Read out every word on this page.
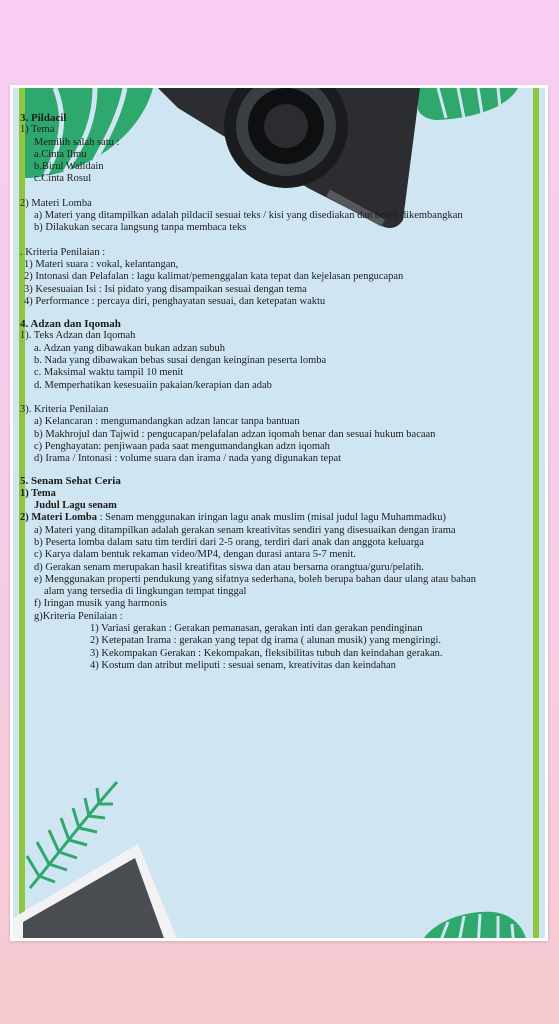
3. Pildacil
1) Tema
Memilih salah satu :
a.Cinta Ilmu
b.Birul Walidain
c.Cinta Rosul
2) Materi Lomba
a) Materi yang ditampilkan adalah pildacil sesuai teks / kisi yang disediakan dan boleh dikembangkan
b) Dilakukan secara langsung tanpa membaca teks
. Kriteria Penilaian :
1) Materi suara : vokal, kelantangan,
2) Intonasi dan Pelafalan : lagu kalimat/pemenggalan kata tepat dan kejelasan pengucapan
3) Kesesuaian Isi : Isi pidato yang disampaikan sesuai dengan tema
4) Performance : percaya diri, penghayatan sesuai, dan ketepatan waktu
4. Adzan dan Iqomah
1). Teks Adzan dan Iqomah
a. Adzan yang dibawakan bukan adzan subuh
b. Nada yang dibawakan bebas susai dengan keinginan peserta lomba
c. Maksimal waktu tampil 10 menit
d. Memperhatikan kesesuaiin pakaian/kerapian dan adab
3). Kriteria Penilaian
a) Kelancaran : mengumandangkan adzan lancar tanpa bantuan
b) Makhrojul dan Tajwid : pengucapan/pelafalan adzan iqomah benar dan sesuai hukum bacaan
c) Penghayatan: penjiwaan pada saat mengumandangkan adzn iqomah
d) Irama / Intonasi : volume suara dan irama / nada yang digunakan tepat
5. Senam Sehat Ceria
1) Tema
Judul Lagu senam
2) Materi Lomba : Senam menggunakan iringan lagu anak muslim (misal judul lagu Muhammadku)
a) Materi yang ditampilkan adalah gerakan senam kreativitas sendiri yang disesuaikan dengan irama
b) Peserta lomba dalam satu tim terdiri dari 2-5 orang, terdiri dari anak dan anggota keluarga
c) Karya dalam bentuk rekaman video/MP4, dengan durasi antara 5-7 menit.
d) Gerakan senam merupakan hasil kreatifitas siswa dan atau bersama orangtua/guru/pelatih.
e) Menggunakan properti pendukung yang sifatnya sederhana, boleh berupa bahan daur ulang atau bahan
alam yang tersedia di lingkungan tempat tinggal
f) Iringan musik yang harmonis
g)Kriteria Penilaian :
1) Variasi gerakan : Gerakan pemanasan, gerakan inti dan gerakan pendinginan
2) Ketepatan Irama : gerakan yang tepat dg irama ( alunan musik) yang mengiringi.
3) Kekompakan Gerakan : Kekompakan, fleksibilitas tubuh dan keindahan gerakan.
4) Kostum dan atribut meliputi : sesuai senam, kreativitas dan keindahan
